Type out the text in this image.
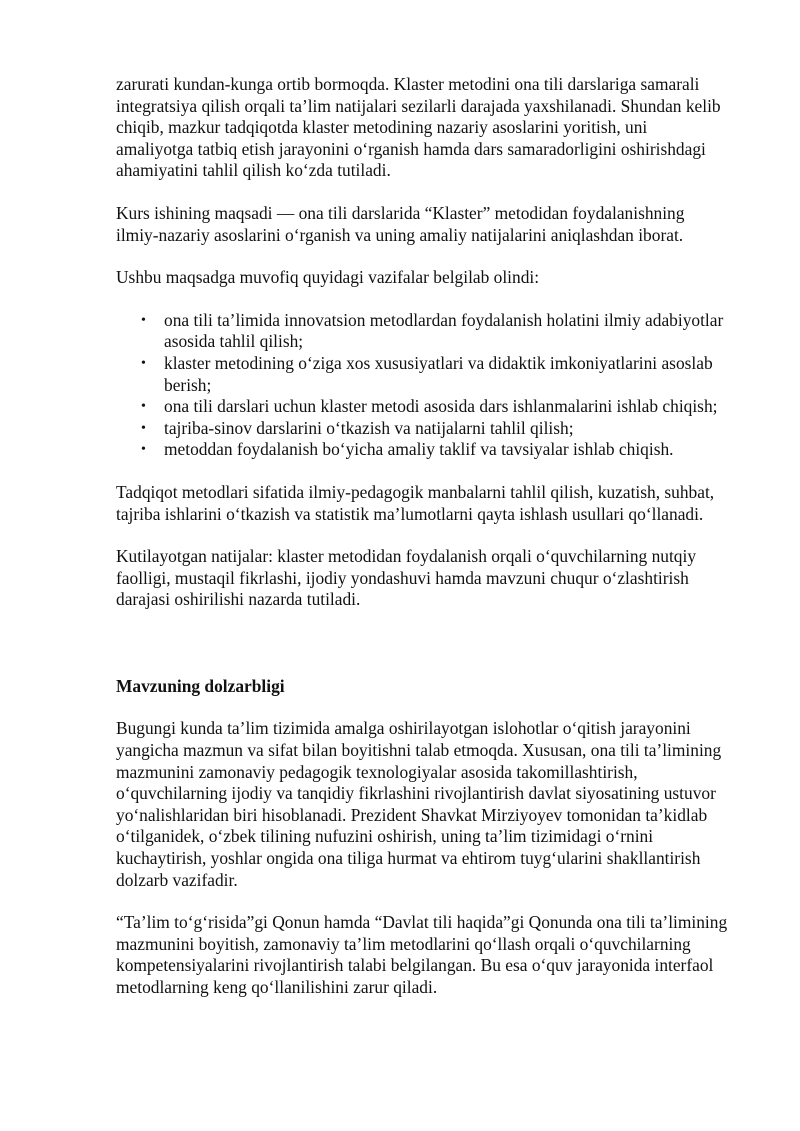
zarurati kundan-kunga ortib bormoqda. Klaster metodini ona tili darslariga samarali integratsiya qilish orqali ta’lim natijalari sezilarli darajada yaxshilanadi. Shundan kelib chiqib, mazkur tadqiqotda klaster metodining nazariy asoslarini yoritish, uni amaliyotga tatbiq etish jarayonini o‘rganish hamda dars samaradorligini oshirishdagi ahamiyatini tahlil qilish ko‘zda tutiladi.

Kurs ishining maqsadi — ona tili darslarida “Klaster” metodidan foydalanishning ilmiy-nazariy asoslarini o‘rganish va uning amaliy natijalarini aniqlashdan iborat.

Ushbu maqsadga muvofiq quyidagi vazifalar belgilab olindi:

• ona tili ta’limida innovatsion metodlardan foydalanish holatini ilmiy adabiyotlar asosida tahlil qilish;
• klaster metodining o‘ziga xos xususiyatlari va didaktik imkoniyatlarini asoslab berish;
• ona tili darslari uchun klaster metodi asosida dars ishlanmalarini ishlab chiqish;
• tajriba-sinov darslarini o‘tkazish va natijalarni tahlil qilish;
• metoddan foydalanish bo‘yicha amaliy taklif va tavsiyalar ishlab chiqish.

Tadqiqot metodlari sifatida ilmiy-pedagogik manbalarni tahlil qilish, kuzatish, suhbat, tajriba ishlarini o‘tkazish va statistik ma’lumotlarni qayta ishlash usullari qo‘llanadi.

Kutilayotgan natijalar: klaster metodidan foydalanish orqali o‘quvchilarning nutqiy faolligi, mustaqil fikrlashi, ijodiy yondashuvi hamda mavzuni chuqur o‘zlashtirish darajasi oshirilishi nazarda tutiladi.

Mavzuning dolzarbligi

Bugungi kunda ta’lim tizimida amalga oshirilayotgan islohotlar o‘qitish jarayonini yangicha mazmun va sifat bilan boyitishni talab etmoqda. Xususan, ona tili ta’limining mazmunini zamonaviy pedagogik texnologiyalar asosida takomillashtirish, o‘quvchilarning ijodiy va tanqidiy fikrlashini rivojlantirish davlat siyosatining ustuvor yo‘nalishlaridan biri hisoblanadi. Prezident Shavkat Mirziyoyev tomonidan ta’kidlab o‘tilganidek, o‘zbek tilining nufuzini oshirish, uning ta’lim tizimidagi o‘rnini kuchaytirish, yoshlar ongida ona tiliga hurmat va ehtirom tuyg‘ularini shakllantirish dolzarb vazifadir.

“Ta’lim to‘g‘risida”gi Qonun hamda “Davlat tili haqida”gi Qonunda ona tili ta’limining mazmunini boyitish, zamonaviy ta’lim metodlarini qo‘llash orqali o‘quvchilarning kompetensiyalarini rivojlantirish talabi belgilangan. Bu esa o‘quv jarayonida interfaol metodlarning keng qo‘llanilishini zarur qiladi.
